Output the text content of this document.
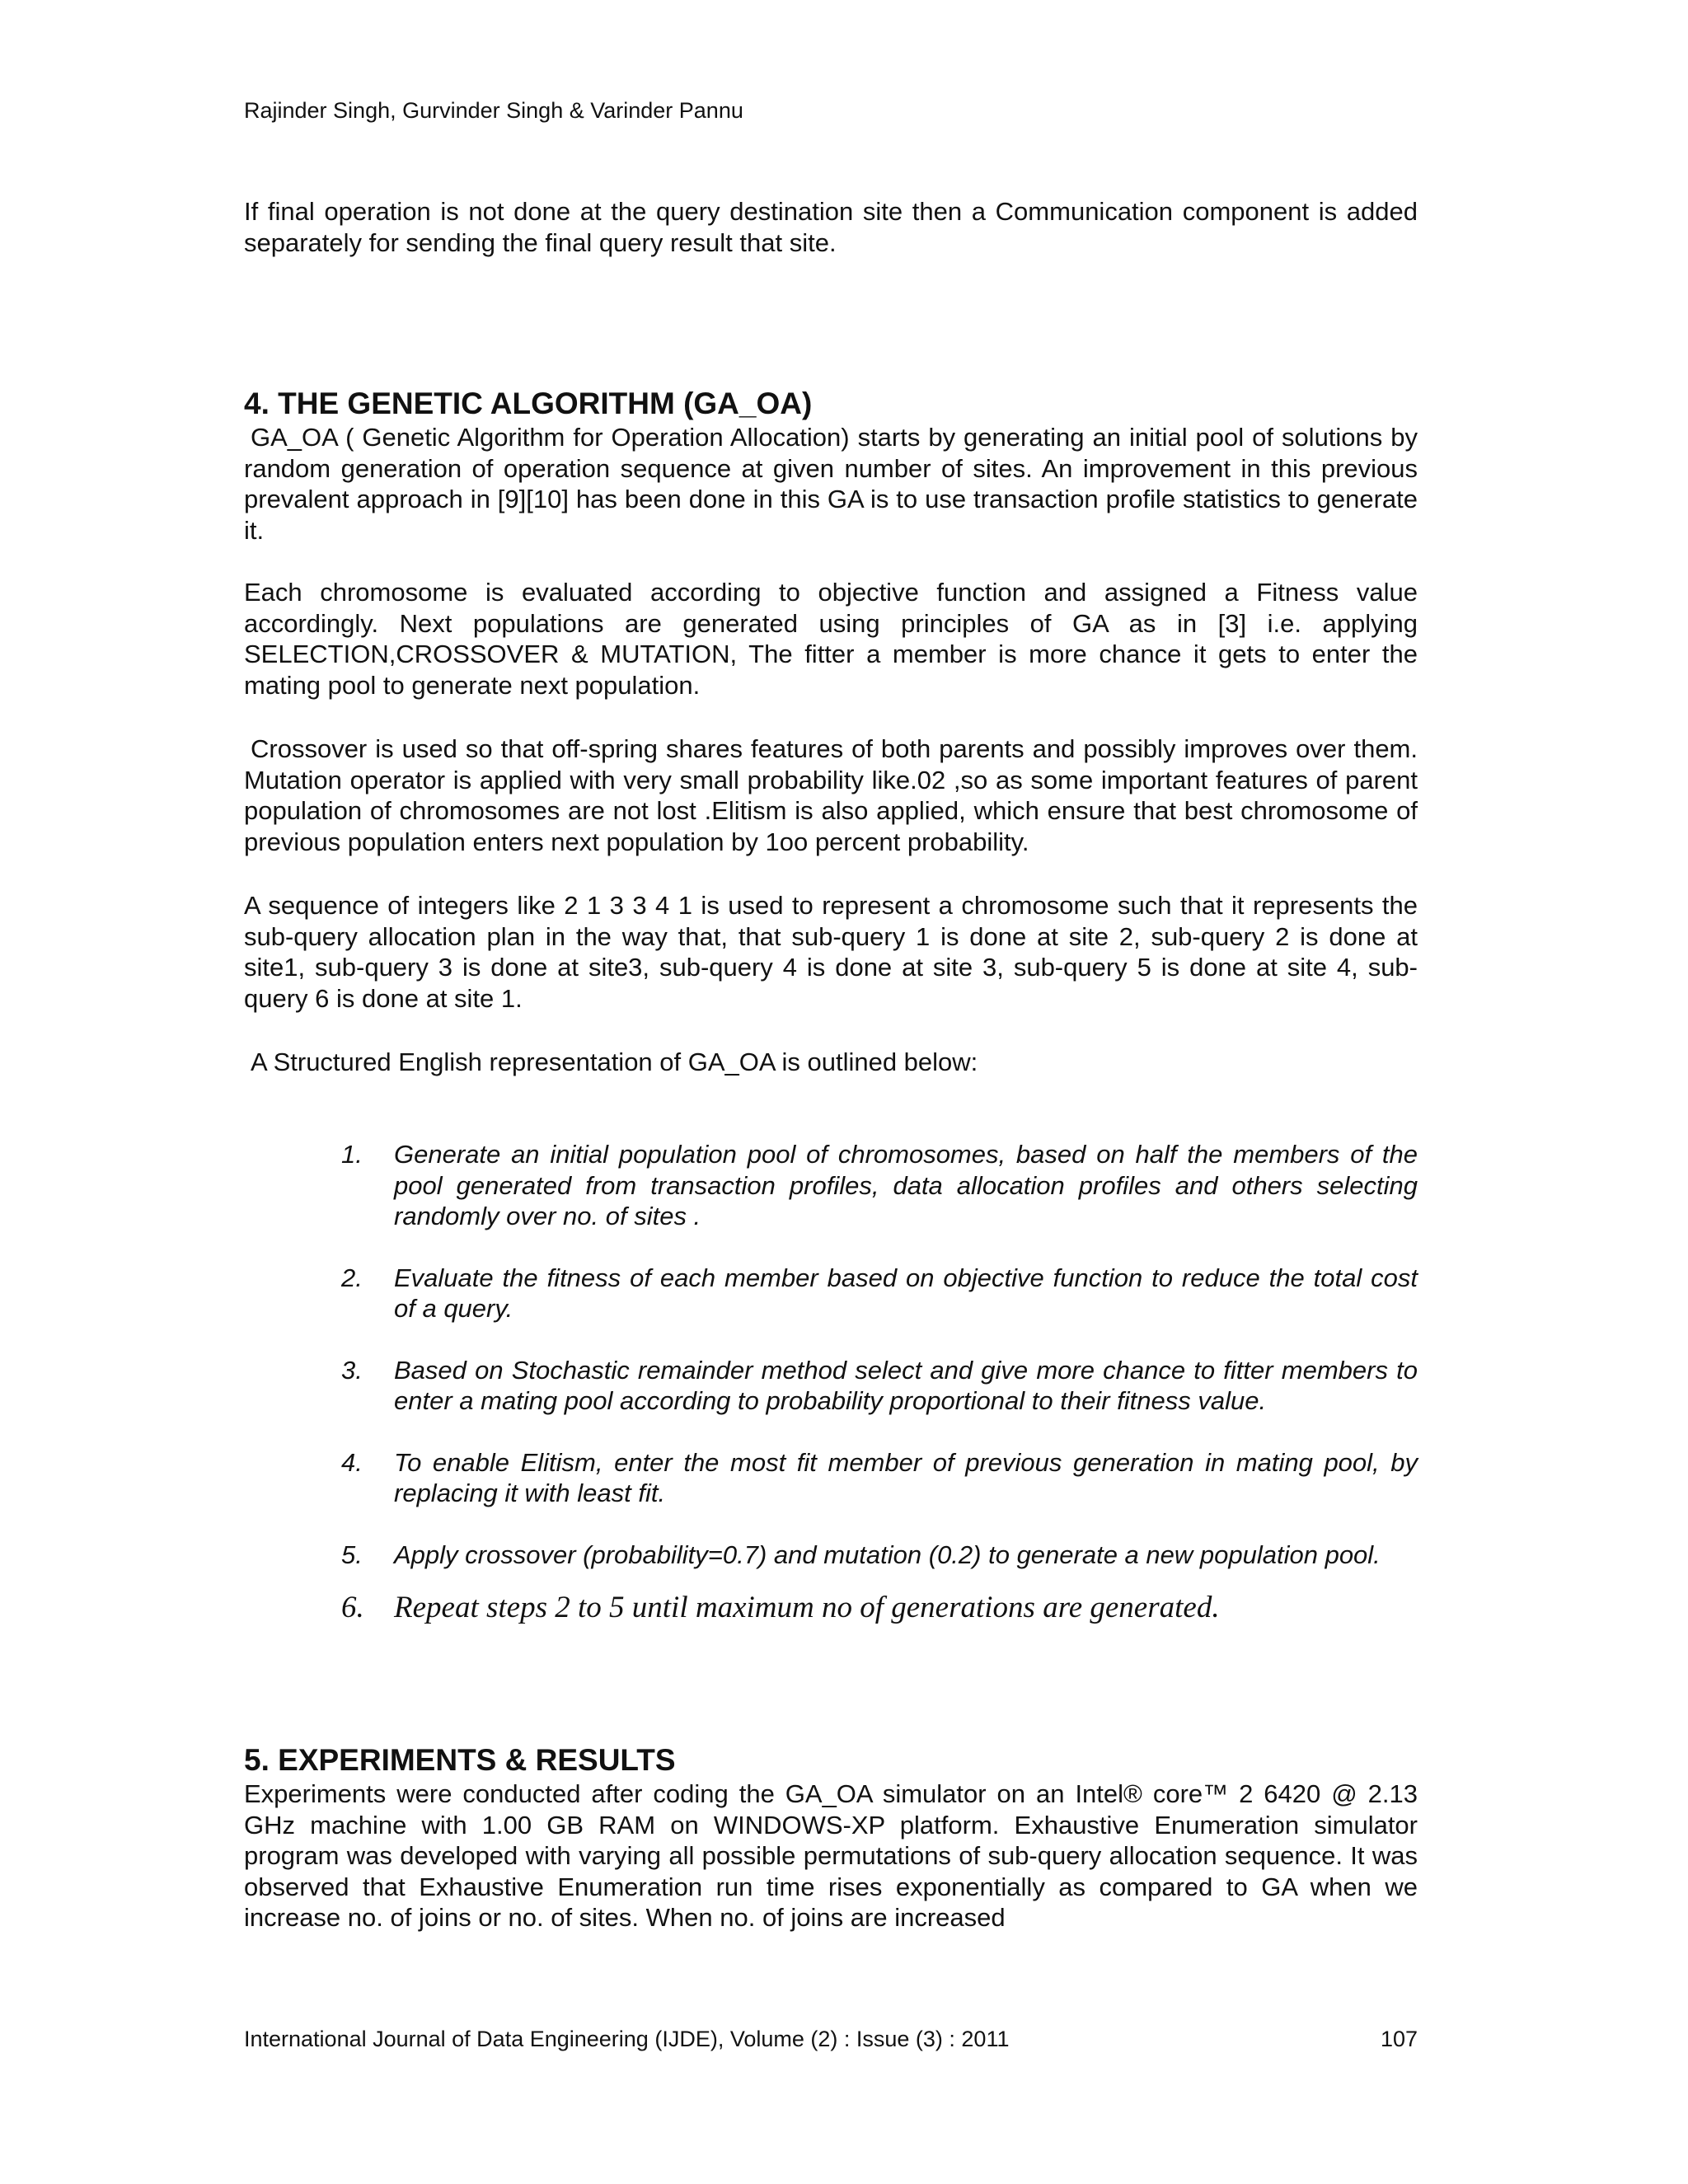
Rajinder Singh, Gurvinder Singh & Varinder Pannu

If final operation is not done at the query destination site then a Communication component is added separately for sending the final query result that site.

4. THE GENETIC ALGORITHM (GA_OA)

GA_OA ( Genetic Algorithm for Operation Allocation) starts by generating an initial pool of solutions by random generation of operation sequence at given number of sites. An improvement in this previous prevalent approach in [9][10] has been done in this GA is to use transaction profile statistics to generate it.

Each chromosome is evaluated according to objective function and assigned a Fitness value accordingly. Next populations are generated using principles of GA as in [3] i.e. applying SELECTION,CROSSOVER & MUTATION, The fitter a member is more chance it gets to enter the mating pool to generate next population.

Crossover is used so that off-spring shares features of both parents and possibly improves over them. Mutation operator is applied with very small probability like.02 ,so as some important features of parent population of chromosomes are not lost .Elitism is also applied, which ensure that best chromosome of previous population enters next population by 1oo percent probability.

A sequence of integers like 2 1 3 3 4 1 is used to represent a chromosome such that it represents the sub-query allocation plan in the way that, that sub-query 1 is done at site 2, sub-query 2 is done at site1, sub-query 3 is done at site3, sub-query 4 is done at site 3, sub-query 5 is done at site 4, sub-query 6 is done at site 1.

A Structured English representation of GA_OA is outlined below:

1. Generate an initial population pool of chromosomes, based on half the members of the pool generated from transaction profiles, data allocation profiles and others selecting randomly over no. of sites .
2. Evaluate the fitness of each member based on objective function to reduce the total cost of a query.
3. Based on Stochastic remainder method select and give more chance to fitter members to enter a mating pool according to probability proportional to their fitness value.
4. To enable Elitism, enter the most fit member of previous generation in mating pool, by replacing it with least fit.
5. Apply crossover (probability=0.7) and mutation (0.2) to generate a new population pool.
6. Repeat steps 2 to 5 until maximum no of generations are generated.
5. EXPERIMENTS & RESULTS

Experiments were conducted after coding the GA_OA simulator on an Intel® core™ 2 6420 @ 2.13 GHz machine with 1.00 GB RAM on WINDOWS-XP platform. Exhaustive Enumeration simulator program was developed with varying all possible permutations of sub-query allocation sequence. It was observed that Exhaustive Enumeration run time rises exponentially as compared to GA when we increase no. of joins or no. of sites. When no. of joins are increased

International Journal of Data Engineering (IJDE), Volume (2) : Issue (3) : 2011	107
